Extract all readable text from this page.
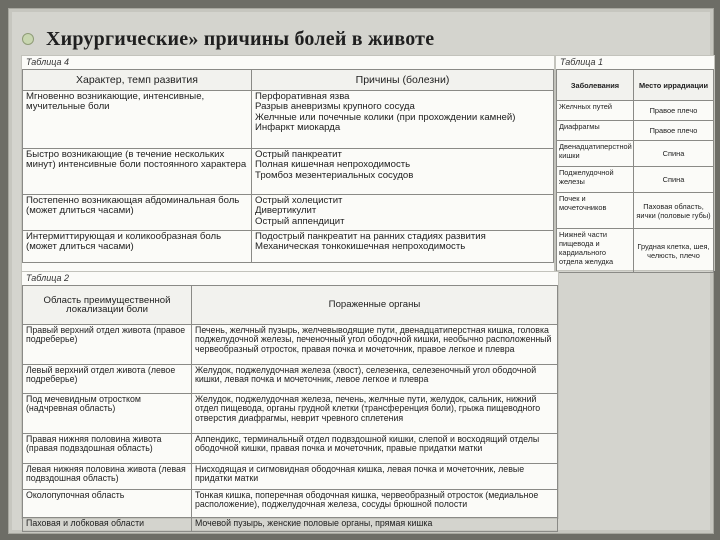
Хирургические» причины болей в животе
Таблица 4
Характер, темп развития	Причины (болезни)
Мгновенно возникающие, интенсивные, мучительные боли	Перфоративная язва
Разрыв аневризмы крупного сосуда
Желчные или почечные колики (при прохождении камней)
Инфаркт миокарда
Быстро возникающие (в течение нескольких минут) интенсивные боли постоянного характера	Острый панкреатит
Полная кишечная непроходимость
Тромбоз мезентериальных сосудов
Постепенно возникающая абдоминальная боль (может длиться часами)	Острый холецистит
Дивертикулит
Острый аппендицит
Интермиттирующая и коликообразная боль (может длиться часами)	Подострый панкреатит на ранних стадиях развития
Механическая тонкокишечная непроходимость
Таблица 1
Заболевания	Место иррадиации
Желчных путей	Правое плечо
Диафрагмы	Правое плечо
Двенадцатиперстной кишки	Спина
Поджелудочной железы	Спина
Почек и мочеточников	Паховая область, яички (половые губы)
Нижней части пищевода и кардиального отдела желудка	Грудная клетка, шея, челюсть, плечо
Таблица 2
Область преимущественной локализации боли	Пораженные органы
Правый верхний отдел живота (правое подреберье)	Печень, желчный пузырь, желчевыводящие пути, двенадцатиперстная кишка, головка поджелудочной железы, печеночный угол ободочной кишки, необычно расположенный червеобразный отросток, правая почка и мочеточник, правое легкое и плевра
Левый верхний отдел живота (левое подреберье)	Желудок, поджелудочная железа (хвост), селезенка, селезеночный угол ободочной кишки, левая почка и мочеточник, левое легкое и плевра
Под мечевидным отростком (надчревная область)	Желудок, поджелудочная железа, печень, желчные пути, желудок, сальник, нижний отдел пищевода, органы грудной клетки (трансференция боли), грыжа пищеводного отверстия диафрагмы, неврит чревного сплетения
Правая нижняя половина живота (правая подвздошная область)	Аппендикс, терминальный отдел подвздошной кишки, слепой и восходящий отделы ободочной кишки, правая почка и мочеточник, правые придатки матки
Левая нижняя половина живота (левая подвздошная область)	Нисходящая и сигмовидная ободочная кишка, левая почка и мочеточник, левые придатки матки
Околопупочная область	Тонкая кишка, поперечная ободочная кишка, червеобразный отросток (медиальное расположение), поджелудочная железа, сосуды брюшной полости
Паховая и лобковая области	Мочевой пузырь, женские половые органы, прямая кишка
